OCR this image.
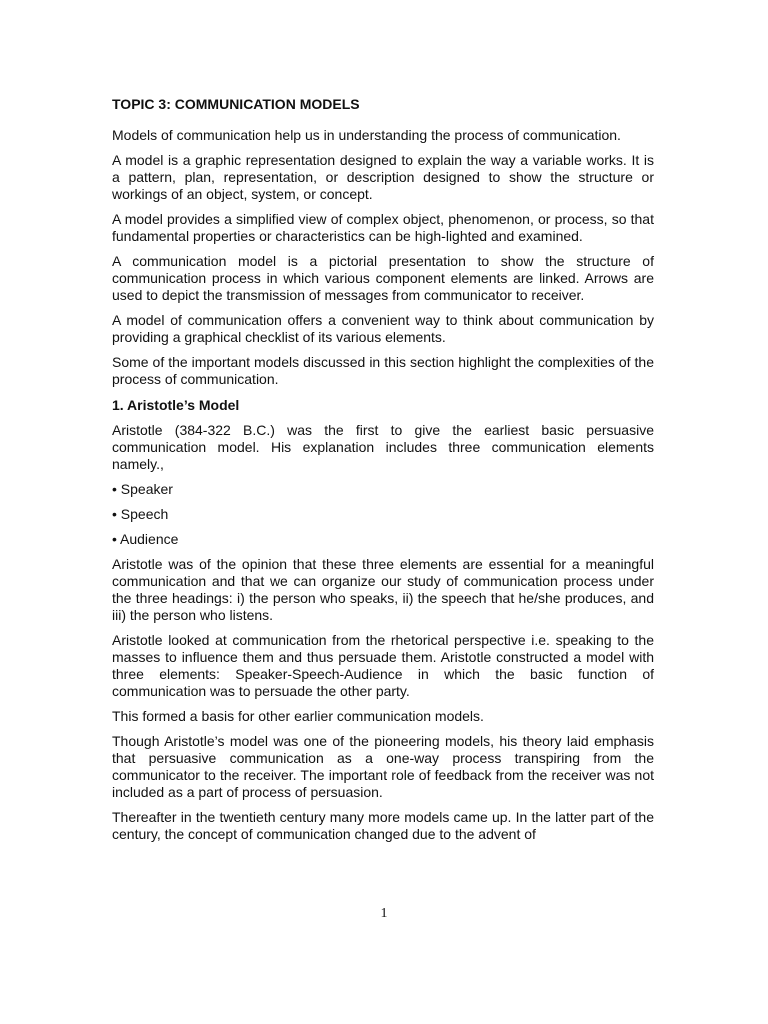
TOPIC 3: COMMUNICATION MODELS

Models of communication help us in understanding the process of communication.

A model is a graphic representation designed to explain the way a variable works. It is a pattern, plan, representation, or description designed to show the structure or workings of an object, system, or concept.

A model provides a simplified view of complex object, phenomenon, or process, so that fundamental properties or characteristics can be high-lighted and examined.

A communication model is a pictorial presentation to show the structure of communication process in which various component elements are linked. Arrows are used to depict the transmission of messages from communicator to receiver.

A model of communication offers a convenient way to think about communication by providing a graphical checklist of its various elements.

Some of the important models discussed in this section highlight the complexities of the process of communication.

1. Aristotle’s Model

Aristotle (384-322 B.C.) was the first to give the earliest basic persuasive communication model. His explanation includes three communication elements namely.,

• Speaker
• Speech
• Audience

Aristotle was of the opinion that these three elements are essential for a meaningful communication and that we can organize our study of communication process under the three headings: i) the person who speaks, ii) the speech that he/she produces, and iii) the person who listens.

Aristotle looked at communication from the rhetorical perspective i.e. speaking to the masses to influence them and thus persuade them. Aristotle constructed a model with three elements: Speaker-Speech-Audience in which the basic function of communication was to persuade the other party.

This formed a basis for other earlier communication models.

Though Aristotle’s model was one of the pioneering models, his theory laid emphasis that persuasive communication as a one-way process transpiring from the communicator to the receiver. The important role of feedback from the receiver was not included as a part of process of persuasion.

Thereafter in the twentieth century many more models came up. In the latter part of the century, the concept of communication changed due to the advent of

1
